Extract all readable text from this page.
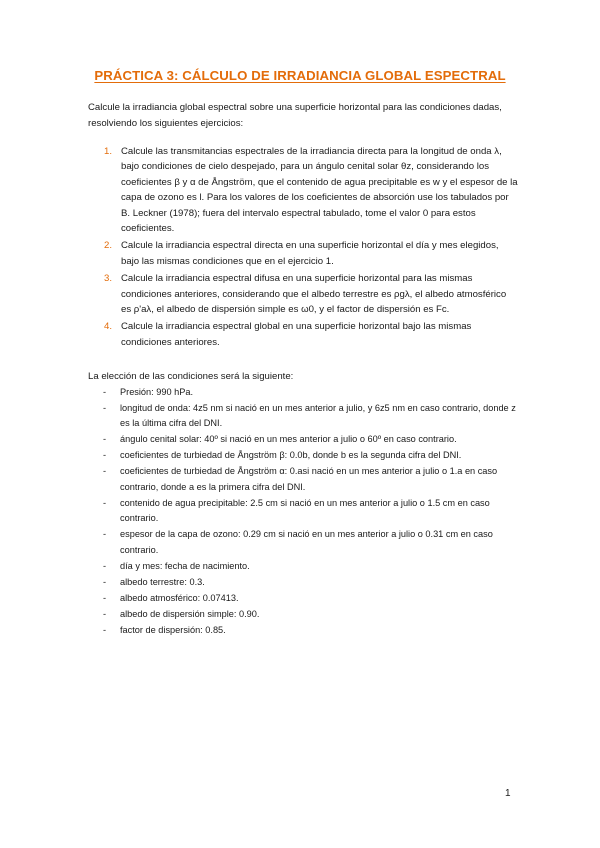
PRÁCTICA 3: CÁLCULO DE IRRADIANCIA GLOBAL ESPECTRAL
Calcule la irradiancia global espectral sobre una superficie horizontal para las condiciones dadas, resolviendo los siguientes ejercicios:
1. Calcule las transmitancias espectrales de la irradiancia directa para la longitud de onda λ, bajo condiciones de cielo despejado, para un ángulo cenital solar θz, considerando los coeficientes β y α de Ångström, que el contenido de agua precipitable es w y el espesor de la capa de ozono es l. Para los valores de los coeficientes de absorción use los tabulados por B. Leckner (1978); fuera del intervalo espectral tabulado, tome el valor 0 para estos coeficientes.
2. Calcule la irradiancia espectral directa en una superficie horizontal el día y mes elegidos, bajo las mismas condiciones que en el ejercicio 1.
3. Calcule la irradiancia espectral difusa en una superficie horizontal para las mismas condiciones anteriores, considerando que el albedo terrestre es ρgλ, el albedo atmosférico es ρ'aλ, el albedo de dispersión simple es ω0, y el factor de dispersión es Fc.
4. Calcule la irradiancia espectral global en una superficie horizontal bajo las mismas condiciones anteriores.
La elección de las condiciones será la siguiente:
- Presión: 990 hPa.
- longitud de onda: 4z5 nm si nació en un mes anterior a julio, y 6z5 nm en caso contrario, donde z es la última cifra del DNI.
- ángulo cenital solar: 40º si nació en un mes anterior a julio o 60º en caso contrario.
- coeficientes de turbiedad de Ångström β: 0.0b, donde b es la segunda cifra del DNI.
- coeficientes de turbiedad de Ångström α: 0.asi nació en un mes anterior a julio o 1.a en caso contrario, donde a es la primera cifra del DNI.
- contenido de agua precipitable: 2.5 cm si nació en un mes anterior a julio o 1.5 cm en caso contrario.
- espesor de la capa de ozono: 0.29 cm si nació en un mes anterior a julio o 0.31 cm en caso contrario.
- día y mes: fecha de nacimiento.
- albedo terrestre: 0.3.
- albedo atmosférico: 0.07413.
- albedo de dispersión simple: 0.90.
- factor de dispersión: 0.85.
1
